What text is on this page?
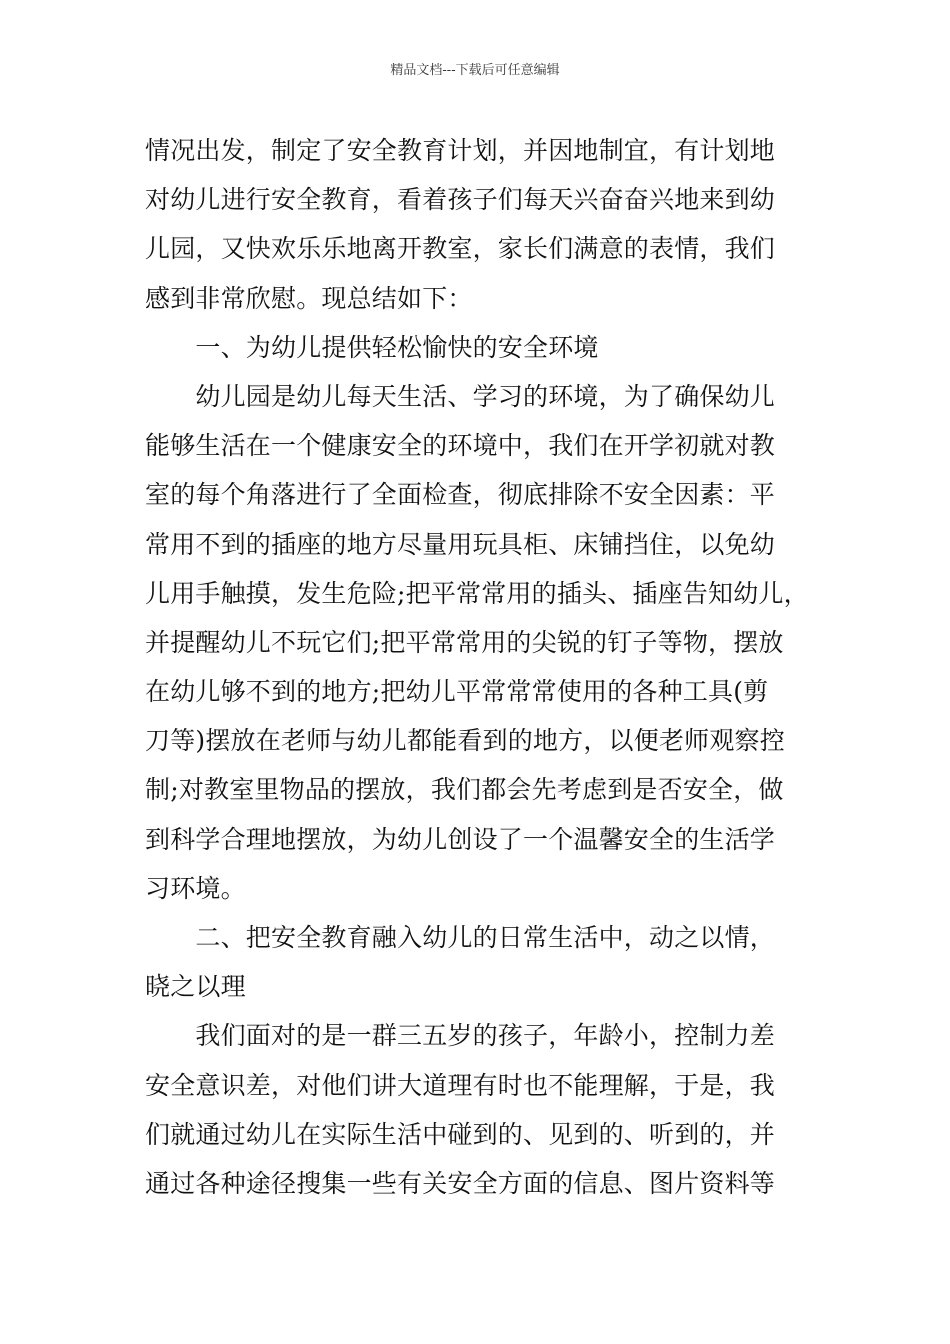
精品文档---下载后可任意编辑
情况出发，制定了安全教育计划，并因地制宜，有计划地
对幼儿进行安全教育，看着孩子们每天兴奋奋兴地来到幼
儿园，又快欢乐乐地离开教室，家长们满意的表情，我们
感到非常欣慰。现总结如下：
　　一、为幼儿提供轻松愉快的安全环境
　　幼儿园是幼儿每天生活、学习的环境，为了确保幼儿
能够生活在一个健康安全的环境中，我们在开学初就对教
室的每个角落进行了全面检查，彻底排除不安全因素：平
常用不到的插座的地方尽量用玩具柜、床铺挡住，以免幼
儿用手触摸，发生危险;把平常常用的插头、插座告知幼儿，
并提醒幼儿不玩它们;把平常常用的尖锐的钉子等物，摆放
在幼儿够不到的地方;把幼儿平常常常使用的各种工具(剪
刀等)摆放在老师与幼儿都能看到的地方，以便老师观察控
制;对教室里物品的摆放，我们都会先考虑到是否安全，做
到科学合理地摆放，为幼儿创设了一个温馨安全的生活学
习环境。
　　二、把安全教育融入幼儿的日常生活中，动之以情，
晓之以理
　　我们面对的是一群三五岁的孩子，年龄小，控制力差
安全意识差，对他们讲大道理有时也不能理解，于是，我
们就通过幼儿在实际生活中碰到的、见到的、听到的，并
通过各种途径搜集一些有关安全方面的信息、图片资料等
